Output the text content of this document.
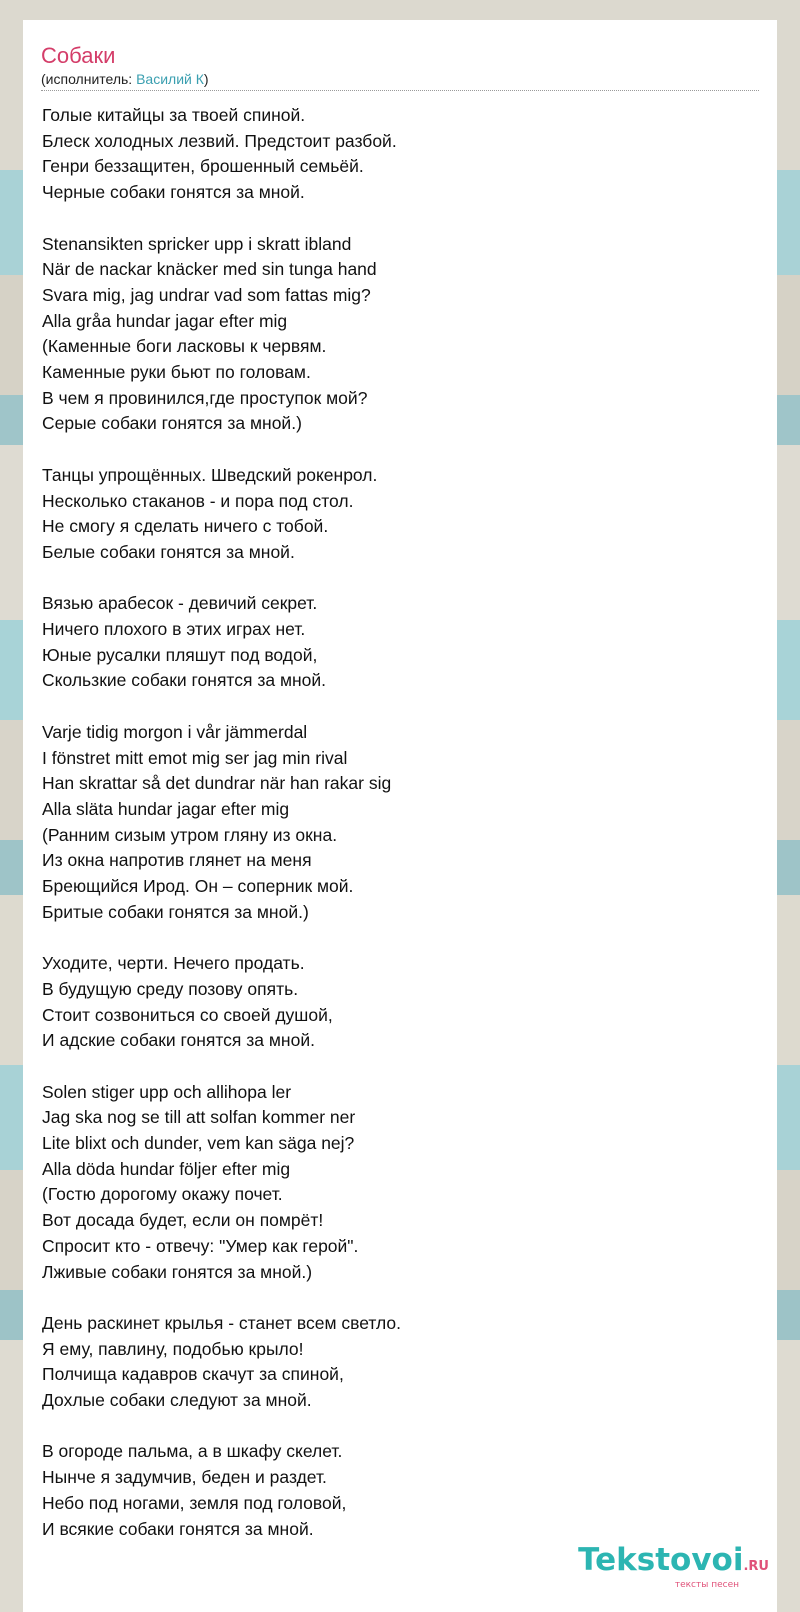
Собаки
(исполнитель: Василий К)
Голые китайцы за твоей спиной.
Блеск холодных лезвий. Предстоит разбой.
Генри беззащитен, брошенный семьёй.
Черные собаки гонятся за мной.
Stenansikten spricker upp i skratt ibland
När de nackar knäcker med sin tunga hand
Svara mig, jag undrar vad som fattas mig?
Alla gråa hundar jagar efter mig
(Каменные боги ласковы к червям.
Каменные руки бьют по головам.
В чем я провинился,где проступок мой?
Серые собаки гонятся за мной.)
Танцы упрощённых. Шведский рокенрол.
Несколько стаканов - и пора под стол.
Не смогу я сделать ничего с тобой.
Белые собаки гонятся за мной.
Вязью арабесок - девичий секрет.
Ничего плохого в этих играх нет.
Юные русалки пляшут под водой,
Скользкие собаки гонятся за мной.
Varje tidig morgon i vår jämmerdal
I fönstret mitt emot mig ser jag min rival
Han skrattar så det dundrar när han rakar sig
Alla släta hundar jagar efter mig
(Ранним сизым утром гляну из окна.
Из окна напротив глянет на меня
Бреющийся Ирод. Он – соперник мой.
Бритые собаки гонятся за мной.)
Уходите, черти. Нечего продать.
В будущую среду позову опять.
Стоит созвониться со своей душой,
И адские собаки гонятся за мной.
Solen stiger upp och allihopa ler
Jag ska nog se till att solfan kommer ner
Lite blixt och dunder, vem kan säga nej?
Alla döda hundar följer efter mig
(Гостю дорогому окажу почет.
Вот досада будет, если он помрёт!
Спросит кто - отвечу: "Умер как герой".
Лживые собаки гонятся за мной.)
День раскинет крылья - станет всем светло.
Я ему, павлину, подобью крыло!
Полчища кадавров скачут за спиной,
Дохлые собаки следуют за мной.
В огороде пальма, а в шкафу скелет.
Нынче я задумчив, беден и раздет.
Небо под ногами, земля под головой,
И всякие собаки гонятся за мной.
Tekstovoi.RU
тексты песен
